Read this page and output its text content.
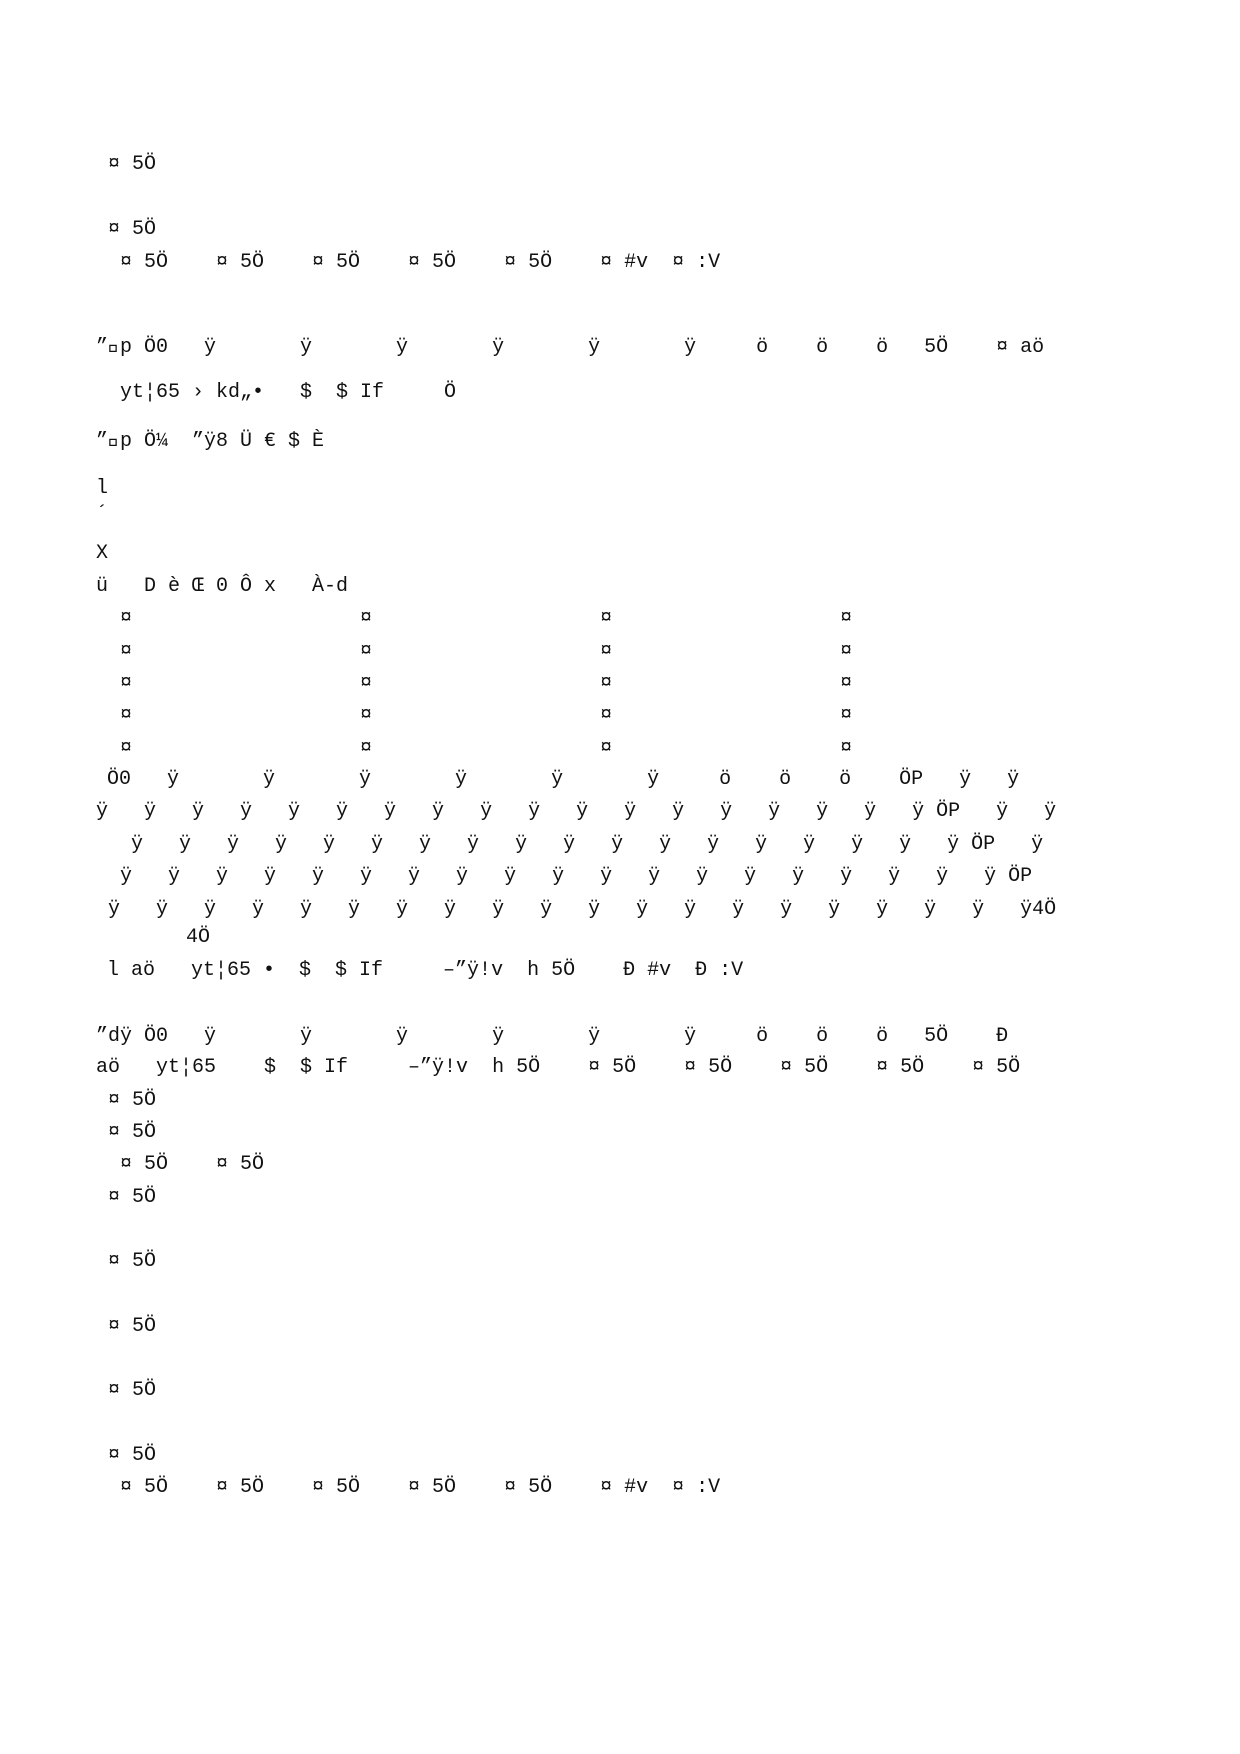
¤ 5Ö

¤ 5Ö

¤ 5Ö    ¤ 5Ö    ¤ 5Ö    ¤ 5Ö    ¤ 5Ö    ¤ #v  ¤ :V

” p Ö0   ÿ       ÿ       ÿ       ÿ       ÿ       ÿ     ö    ö    ö   5Ö    ¤ aö

yt¦65 › kd„•   $  $ If     Ö

” p Ö¼  ”ÿ8 Ü € $ È

l

´

X

ü   D è Œ 0 Ô x   À-d

¤                   ¤                   ¤                   ¤

¤                   ¤                   ¤                   ¤

¤                   ¤                   ¤                   ¤

¤                   ¤                   ¤                   ¤

¤                   ¤                   ¤                   ¤

Ö0   ÿ       ÿ       ÿ       ÿ       ÿ       ÿ     ö    ö    ö    ÖP   ÿ   ÿ

ÿ   ÿ   ÿ   ÿ   ÿ   ÿ   ÿ   ÿ   ÿ   ÿ   ÿ   ÿ   ÿ   ÿ   ÿ   ÿ   ÿ   ÿ ÖP   ÿ   ÿ

ÿ   ÿ   ÿ   ÿ   ÿ   ÿ   ÿ   ÿ   ÿ   ÿ   ÿ   ÿ   ÿ   ÿ   ÿ   ÿ   ÿ   ÿ ÖP   ÿ

ÿ   ÿ   ÿ   ÿ   ÿ   ÿ   ÿ   ÿ   ÿ   ÿ   ÿ   ÿ   ÿ   ÿ   ÿ   ÿ   ÿ   ÿ   ÿ ÖP

ÿ   ÿ   ÿ   ÿ   ÿ   ÿ   ÿ   ÿ   ÿ   ÿ   ÿ   ÿ   ÿ   ÿ   ÿ   ÿ   ÿ   ÿ   ÿ   ÿ4Ö

4Ö

l aö   yt¦65 •  $  $ If     –”ÿ!v  h 5Ö    Ð #v  Ð :V

”dÿ Ö0   ÿ       ÿ       ÿ       ÿ       ÿ       ÿ     ö    ö    ö   5Ö    Ð

aö   yt¦65    $  $ If     –”ÿ!v  h 5Ö    ¤ 5Ö    ¤ 5Ö    ¤ 5Ö    ¤ 5Ö    ¤ 5Ö

¤ 5Ö

¤ 5Ö

¤ 5Ö    ¤ 5Ö

¤ 5Ö

¤ 5Ö

¤ 5Ö

¤ 5Ö

¤ 5Ö

¤ 5Ö    ¤ 5Ö    ¤ 5Ö    ¤ 5Ö    ¤ 5Ö    ¤ #v  ¤ :V
